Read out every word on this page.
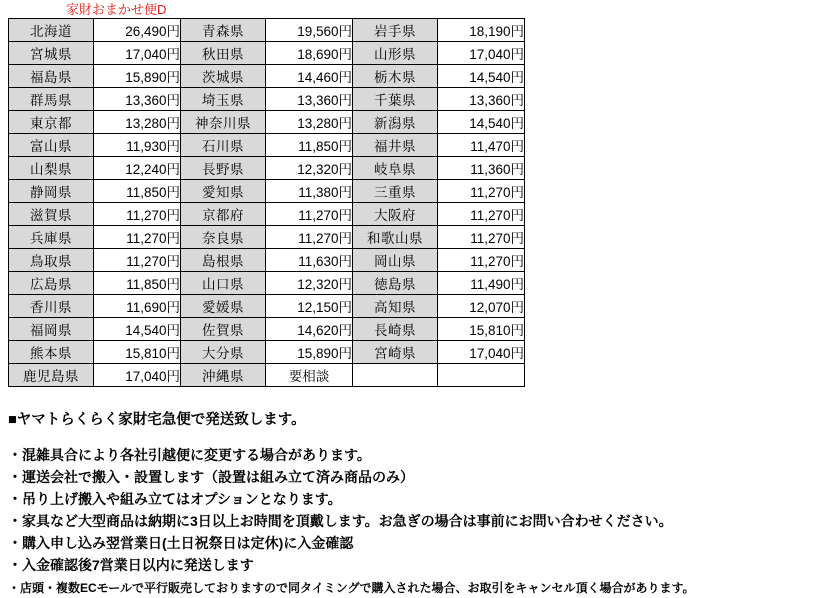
家財おまかせ便D
北海道	26,490円	青森県	19,560円	岩手県	18,190円
宮城県	17,040円	秋田県	18,690円	山形県	17,040円
福島県	15,890円	茨城県	14,460円	栃木県	14,540円
群馬県	13,360円	埼玉県	13,360円	千葉県	13,360円
東京都	13,280円	神奈川県	13,280円	新潟県	14,540円
富山県	11,930円	石川県	11,850円	福井県	11,470円
山梨県	12,240円	長野県	12,320円	岐阜県	11,360円
静岡県	11,850円	愛知県	11,380円	三重県	11,270円
滋賀県	11,270円	京都府	11,270円	大阪府	11,270円
兵庫県	11,270円	奈良県	11,270円	和歌山県	11,270円
鳥取県	11,270円	島根県	11,630円	岡山県	11,270円
広島県	11,850円	山口県	12,320円	徳島県	11,490円
香川県	11,690円	愛媛県	12,150円	高知県	12,070円
福岡県	14,540円	佐賀県	14,620円	長崎県	15,810円
熊本県	15,810円	大分県	15,890円	宮崎県	17,040円
鹿児島県	17,040円	沖縄県	要相談		
■ヤマトらくらく家財宅急便で発送致します。
・混雑具合により各社引越便に変更する場合があります。
・運送会社で搬入・設置します（設置は組み立て済み商品のみ）
・吊り上げ搬入や組み立てはオプションとなります。
・家具など大型商品は納期に3日以上お時間を頂戴します。お急ぎの場合は事前にお問い合わせください。
・購入申し込み翌営業日(土日祝祭日は定休)に入金確認
・入金確認後7営業日以内に発送します
・店頭・複数ECモールで平行販売しておりますので同タイミングで購入された場合、お取引をキャンセル頂く場合があります。
